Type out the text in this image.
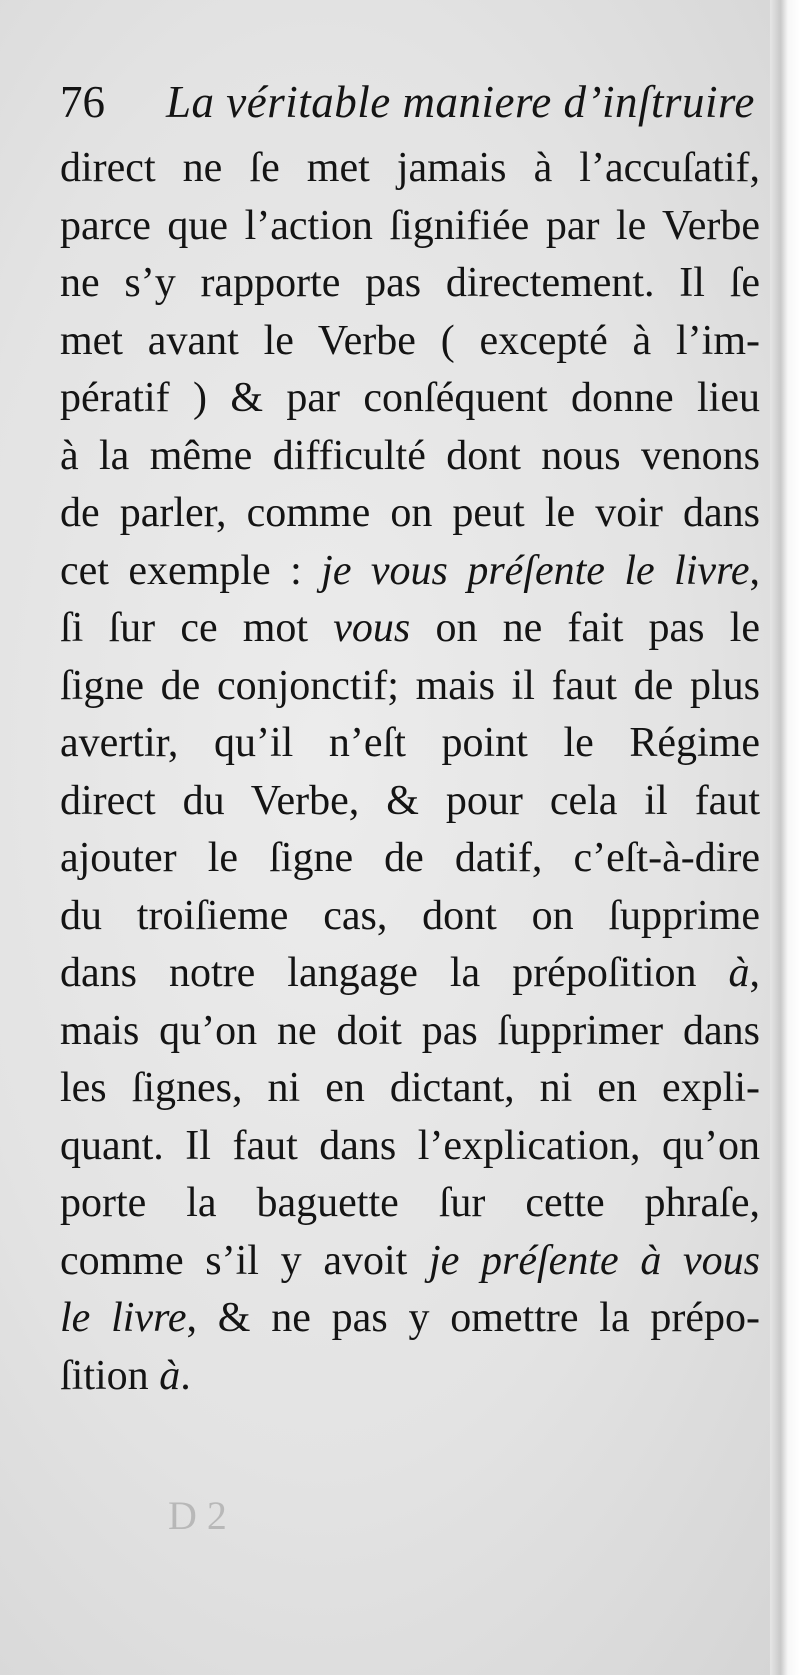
76 La véritable maniere d’inſtruire
direct ne ſe met jamais à l’accuſatif,
parce que l’action ſignifiée par le Verbe
ne s’y rapporte pas directement. Il ſe
met avant le Verbe ( excepté à l’im-
pératif ) & par conſéquent donne lieu
à la même difficulté dont nous venons
de parler, comme on peut le voir dans
cet exemple : je vous préſente le livre,
ſi ſur ce mot vous on ne fait pas le
ſigne de conjonctif; mais il faut de plus
avertir, qu’il n’eſt point le Régime
direct du Verbe, & pour cela il faut
ajouter le ſigne de datif, c’eſt-à-dire
du troiſieme cas, dont on ſupprime
dans notre langage la prépoſition à,
mais qu’on ne doit pas ſupprimer dans
les ſignes, ni en dictant, ni en expli-
quant. Il faut dans l’explication, qu’on
porte la baguette ſur cette phraſe,
comme s’il y avoit je préſente à vous
le livre, & ne pas y omettre la prépo-
ſition à.
D 2
